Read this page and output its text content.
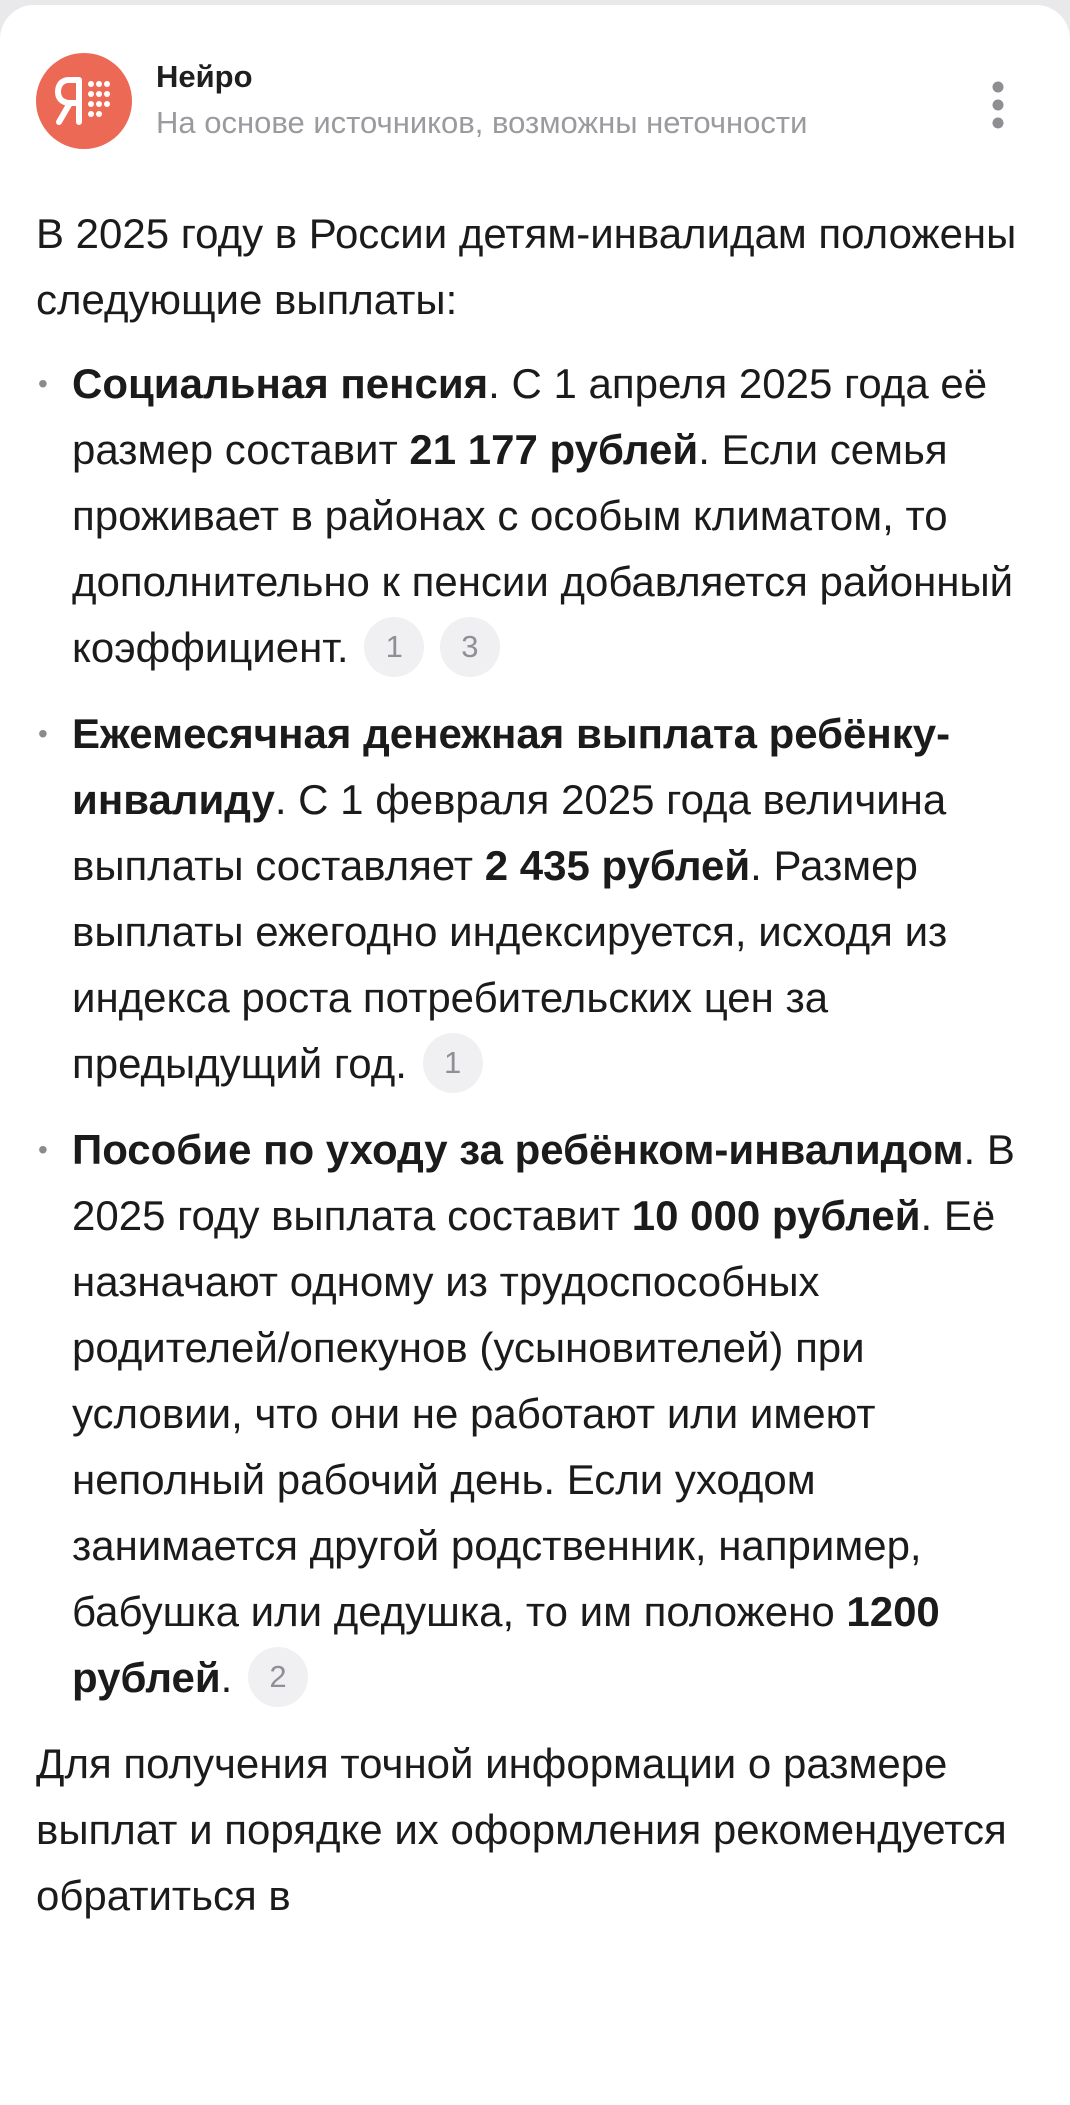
Нейро
На основе источников, возможны неточности

В 2025 году в России детям-инвалидам положены следующие выплаты:

• Социальная пенсия. С 1 апреля 2025 года её размер составит 21 177 рублей. Если семья проживает в районах с особым климатом, то дополнительно к пенсии добавляется районный коэффициент. 1 3
• Ежемесячная денежная выплата ребёнку-инвалиду. С 1 февраля 2025 года величина выплаты составляет 2 435 рублей. Размер выплаты ежегодно индексируется, исходя из индекса роста потребительских цен за предыдущий год. 1
• Пособие по уходу за ребёнком-инвалидом. В 2025 году выплата составит 10 000 рублей. Её назначают одному из трудоспособных родителей/опекунов (усыновителей) при условии, что они не работают или имеют неполный рабочий день. Если уходом занимается другой родственник, например, бабушка или дедушка, то им положено 1200 рублей. 2

Для получения точной информации о размере выплат и порядке их оформления рекомендуется обратиться в
